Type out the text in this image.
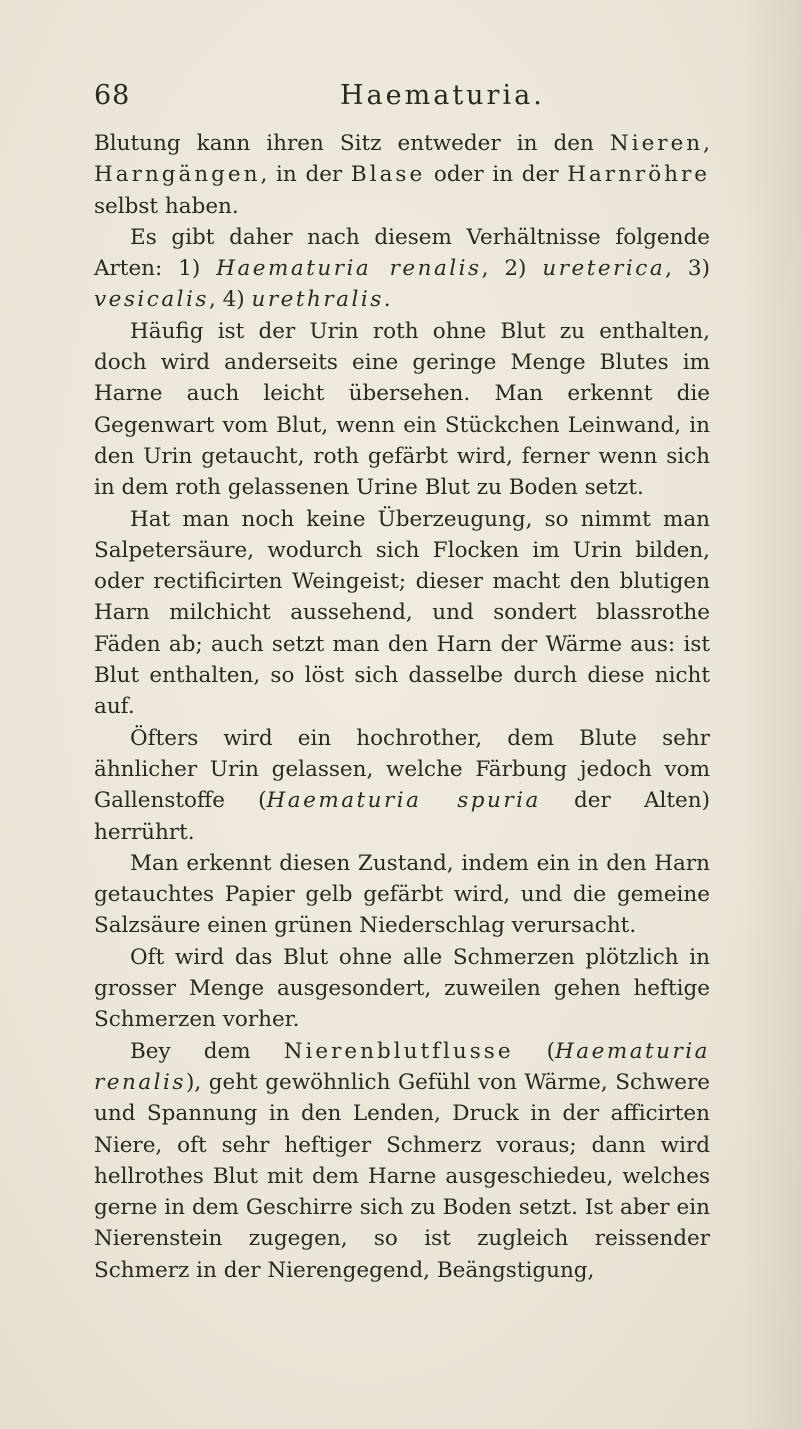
68	Haematuria.

Blutung kann ihren Sitz entweder in den Nieren, Harngängen, in der Blase oder in der Harnröhre selbst haben.

Es gibt daher nach diesem Verhältnisse folgende Arten: 1) Haematuria renalis, 2) ureterica, 3) vesicalis, 4) urethralis.

Häufig ist der Urin roth ohne Blut zu enthalten, doch wird anderseits eine geringe Menge Blutes im Harne auch leicht übersehen. Man erkennt die Gegenwart vom Blut, wenn ein Stückchen Leinwand, in den Urin getaucht, roth gefärbt wird, ferner wenn sich in dem roth gelassenen Urine Blut zu Boden setzt.

Hat man noch keine Überzeugung, so nimmt man Salpetersäure, wodurch sich Flocken im Urin bilden, oder rectificirten Weingeist; dieser macht den blutigen Harn milchicht aussehend, und sondert blassrothe Fäden ab; auch setzt man den Harn der Wärme aus: ist Blut enthalten, so löst sich dasselbe durch diese nicht auf.

Öfters wird ein hochrother, dem Blute sehr ähnlicher Urin gelassen, welche Färbung jedoch vom Gallenstoffe (Haematuria spuria der Alten) herrührt.

Man erkennt diesen Zustand, indem ein in den Harn getauchtes Papier gelb gefärbt wird, und die gemeine Salzsäure einen grünen Niederschlag verursacht.

Oft wird das Blut ohne alle Schmerzen plötzlich in grosser Menge ausgesondert, zuweilen gehen heftige Schmerzen vorher.

Bey dem Nierenblutflusse (Haematuria renalis), geht gewöhnlich Gefühl von Wärme, Schwere und Spannung in den Lenden, Druck in der afficirten Niere, oft sehr heftiger Schmerz voraus; dann wird hellrothes Blut mit dem Harne ausgeschiedeu, welches gerne in dem Geschirre sich zu Boden setzt. Ist aber ein Nierenstein zugegen, so ist zugleich reissender Schmerz in der Nierengegend, Beängstigung,
